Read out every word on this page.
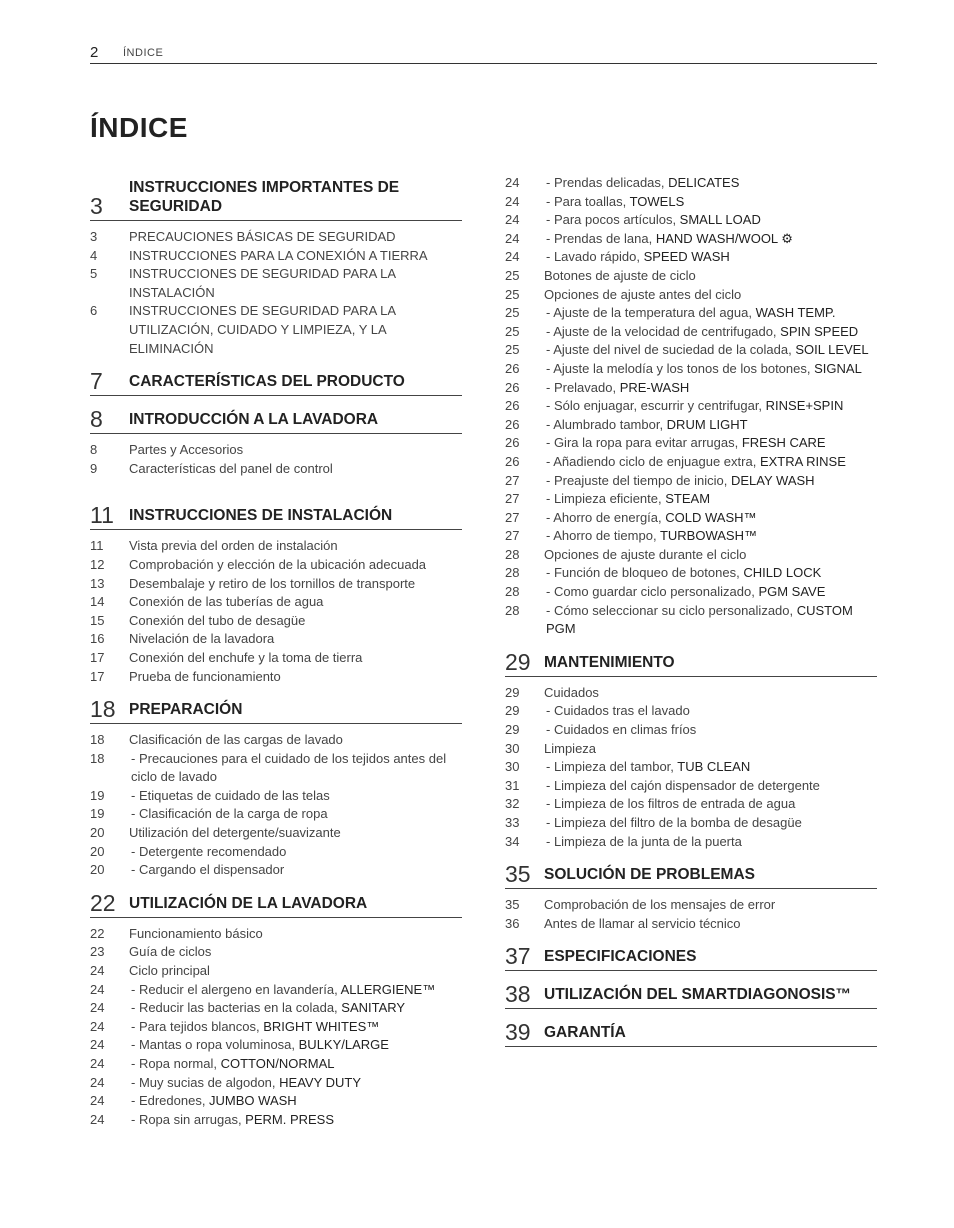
2 ÍNDICE
ÍNDICE
3
INSTRUCCIONES IMPORTANTES DE SEGURIDAD
3	PRECAUCIONES BÁSICAS DE SEGURIDAD
4	INSTRUCCIONES PARA LA CONEXIÓN A TIERRA
5	INSTRUCCIONES DE SEGURIDAD PARA LA INSTALACIÓN
6	INSTRUCCIONES DE SEGURIDAD PARA LA UTILIZACIÓN, CUIDADO Y LIMPIEZA, Y LA ELIMINACIÓN
7 CARACTERÍSTICAS DEL PRODUCTO
8 INTRODUCCIÓN A LA LAVADORA
8	Partes y Accesorios
9	Características del panel de control
11 INSTRUCCIONES DE INSTALACIÓN
11	Vista previa del orden de instalación
12	Comprobación y elección de la ubicación adecuada
13	Desembalaje y retiro de los tornillos de transporte
14	Conexión de las tuberías de agua
15	Conexión del tubo de desagüe
16	Nivelación de la lavadora
17	Conexión del enchufe y la toma de tierra
17	Prueba de funcionamiento
18 PREPARACIÓN
18	Clasificación de las cargas de lavado
18	- Precauciones para el cuidado de los tejidos antes del ciclo de lavado
19	- Etiquetas de cuidado de las telas
19	- Clasificación de la carga de ropa
20	Utilización del detergente/suavizante
20	- Detergente recomendado
20	- Cargando el dispensador
22 UTILIZACIÓN DE LA LAVADORA
22	Funcionamiento básico
23	Guía de ciclos
24	Ciclo principal
24	- Reducir el alergeno en lavandería, ALLERGIENE™
24	- Reducir las bacterias en la colada, SANITARY
24	- Para tejidos blancos, BRIGHT WHITES™
24	- Mantas o ropa voluminosa, BULKY/LARGE
24	- Ropa normal, COTTON/NORMAL
24	- Muy sucias de algodon, HEAVY DUTY
24	- Edredones, JUMBO WASH
24	- Ropa sin arrugas, PERM. PRESS
24	- Prendas delicadas, DELICATES
24	- Para toallas, TOWELS
24	- Para pocos artículos, SMALL LOAD
24	- Prendas de lana, HAND WASH/WOOL ⚙
24	- Lavado rápido, SPEED WASH
25	Botones de ajuste de ciclo
25	Opciones de ajuste antes del ciclo
25	- Ajuste de la temperatura del agua, WASH TEMP.
25	- Ajuste de la velocidad de centrifugado, SPIN SPEED
25	- Ajuste del nivel de suciedad de la colada, SOIL LEVEL
26	- Ajuste la melodía y los tonos de los botones, SIGNAL
26	- Prelavado, PRE-WASH
26	- Sólo enjuagar, escurrir y centrifugar, RINSE+SPIN
26	- Alumbrado tambor, DRUM LIGHT
26	- Gira la ropa para evitar arrugas, FRESH CARE
26	- Añadiendo ciclo de enjuague extra, EXTRA RINSE
27	- Preajuste del tiempo de inicio, DELAY WASH
27	- Limpieza eficiente, STEAM
27	- Ahorro de energía, COLD WASH™
27	- Ahorro de tiempo, TURBOWASH™
28	Opciones de ajuste durante el ciclo
28	- Función de bloqueo de botones, CHILD LOCK
28	- Como guardar ciclo personalizado, PGM SAVE
28	- Cómo seleccionar su ciclo personalizado, CUSTOM PGM
29 MANTENIMIENTO
29	Cuidados
29	- Cuidados tras el lavado
29	- Cuidados en climas fríos
30	Limpieza
30	- Limpieza del tambor, TUB CLEAN
31	- Limpieza del cajón dispensador de detergente
32	- Limpieza de los filtros de entrada de agua
33	- Limpieza del filtro de la bomba de desagüe
34	- Limpieza de la junta de la puerta
35 SOLUCIÓN DE PROBLEMAS
35	Comprobación de los mensajes de error
36	Antes de llamar al servicio técnico
37 ESPECIFICACIONES
38 UTILIZACIÓN DEL SMARTDIAGONOSIS™
39 GARANTÍA
